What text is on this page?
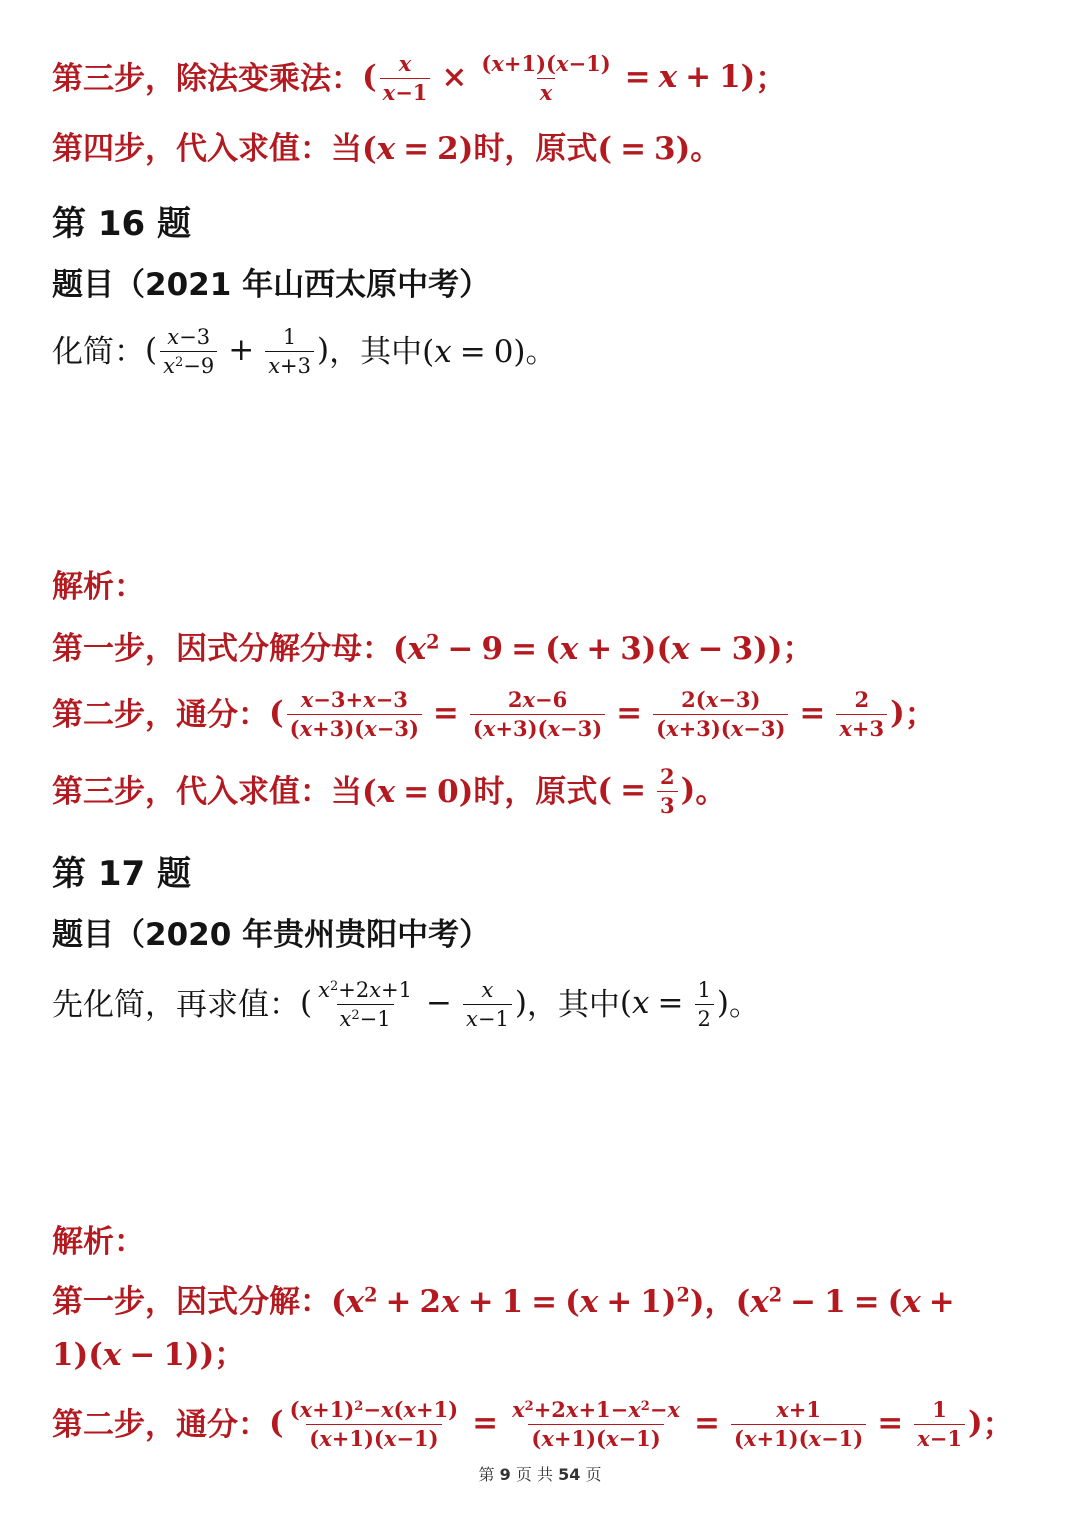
第三步，除法变乘法： ( $\frac{x}{x-1} \times \frac{(x+1)(x-1)}{x} = x + 1$) ；
第四步，代入求值：当 (x = 2) 时，原式 ( = 3) 。
第 16 题
题目（2021 年山西太原中考）
化简： ( $\frac{x-3}{x^2-9} + \frac{1}{x+3}$ ) ，其中 (x = 0) 。
解析：
第一步，因式分解分母： $(x^2 - 9 = (x + 3)(x - 3))$ ；
第二步，通分： ( $\frac{x-3+x-3}{(x+3)(x-3)} = \frac{2x-6}{(x+3)(x-3)} = \frac{2(x-3)}{(x+3)(x-3)} = \frac{2}{x+3}$ ) ；
第三步，代入求值：当 (x = 0) 时，原式 ( = $\frac{2}{3}$ ) 。
第 17 题
题目（2020 年贵州贵阳中考）
先化简，再求值： ( $\frac{x^2+2x+1}{x^2-1} - \frac{x}{x-1}$ ) ，其中 ($x = \frac{1}{2}$ ) 。
解析：
第一步，因式分解： $(x^2 + 2x + 1 = (x + 1)^2)$ ， ($x^2 - 1 = (x$ +
1)(x − 1)) ；
第二步，通分： ( $\frac{(x+1)^2-x(x+1)}{(x+1)(x-1)} = \frac{x^2+2x+1-x^2-x}{(x+1)(x-1)} = \frac{x+1}{(x+1)(x-1)} = \frac{1}{x-1}$ ) ；
第 9 页 共 54 页
